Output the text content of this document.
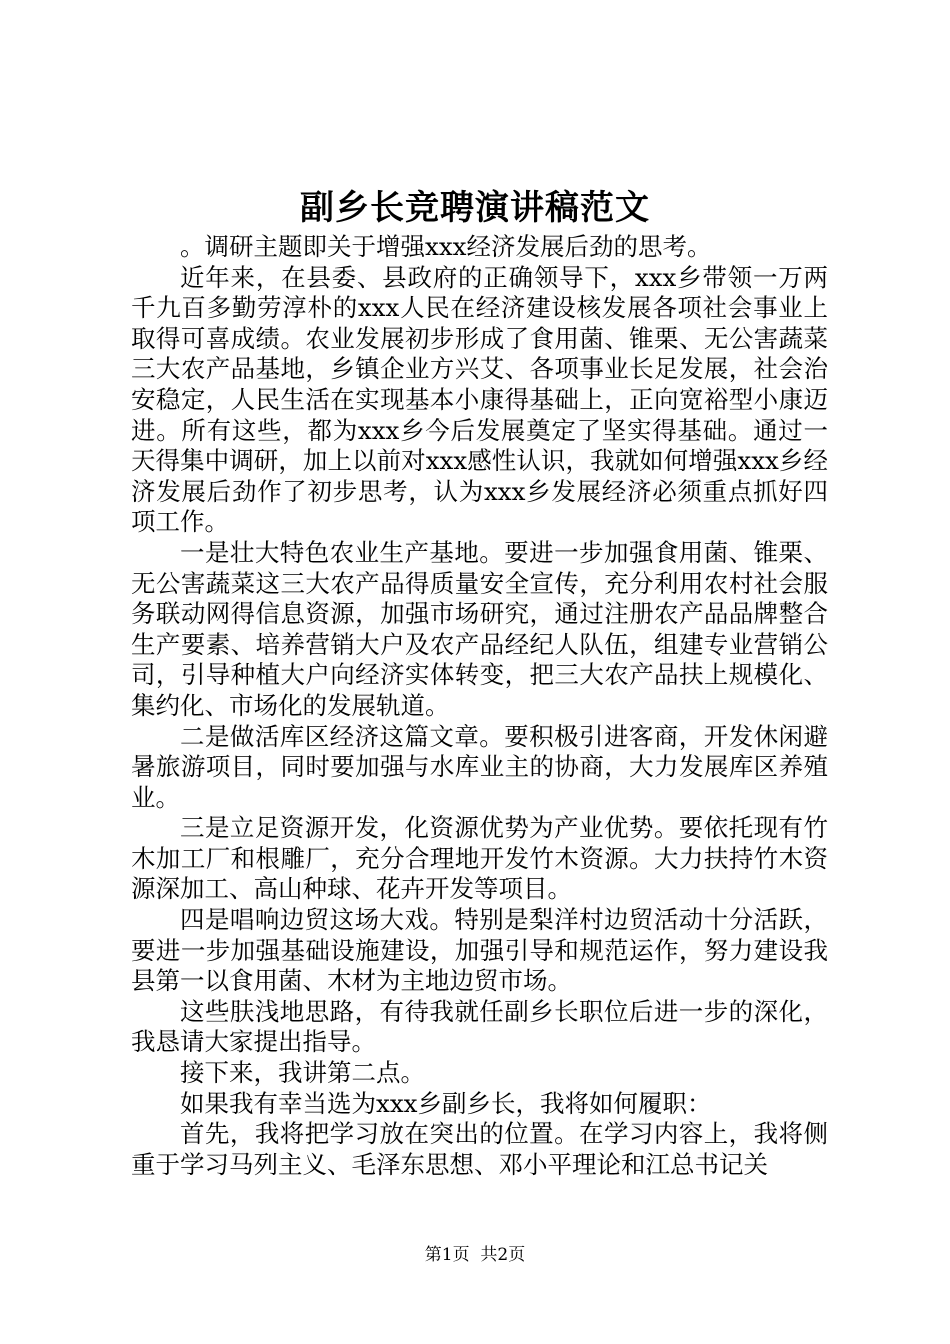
副乡长竞聘演讲稿范文

。调研主题即关于增强xxx经济发展后劲的思考。

近年来，在县委、县政府的正确领导下，xxx乡带领一万两千九百多勤劳淳朴的xxx人民在经济建设核发展各项社会事业上取得可喜成绩。农业发展初步形成了食用菌、锥栗、无公害蔬菜三大农产品基地，乡镇企业方兴艾、各项事业长足发展，社会治安稳定，人民生活在实现基本小康得基础上，正向宽裕型小康迈进。所有这些，都为xxx乡今后发展奠定了坚实得基础。通过一天得集中调研，加上以前对xxx感性认识，我就如何增强xxx乡经济发展后劲作了初步思考，认为xxx乡发展经济必须重点抓好四项工作。

一是壮大特色农业生产基地。要进一步加强食用菌、锥栗、无公害蔬菜这三大农产品得质量安全宣传，充分利用农村社会服务联动网得信息资源，加强市场研究，通过注册农产品品牌整合生产要素、培养营销大户及农产品经纪人队伍，组建专业营销公司，引导种植大户向经济实体转变，把三大农产品扶上规模化、集约化、市场化的发展轨道。

二是做活库区经济这篇文章。要积极引进客商，开发休闲避暑旅游项目，同时要加强与水库业主的协商，大力发展库区养殖业。

三是立足资源开发，化资源优势为产业优势。要依托现有竹木加工厂和根雕厂，充分合理地开发竹木资源。大力扶持竹木资源深加工、高山种球、花卉开发等项目。

四是唱响边贸这场大戏。特别是梨洋村边贸活动十分活跃，要进一步加强基础设施建设，加强引导和规范运作，努力建设我县第一以食用菌、木材为主地边贸市场。

这些肤浅地思路，有待我就任副乡长职位后进一步的深化，我恳请大家提出指导。

接下来，我讲第二点。

如果我有幸当选为xxx乡副乡长，我将如何履职：

首先，我将把学习放在突出的位置。在学习内容上，我将侧重于学习马列主义、毛泽东思想、邓小平理论和江总书记关

第1页  共2页
